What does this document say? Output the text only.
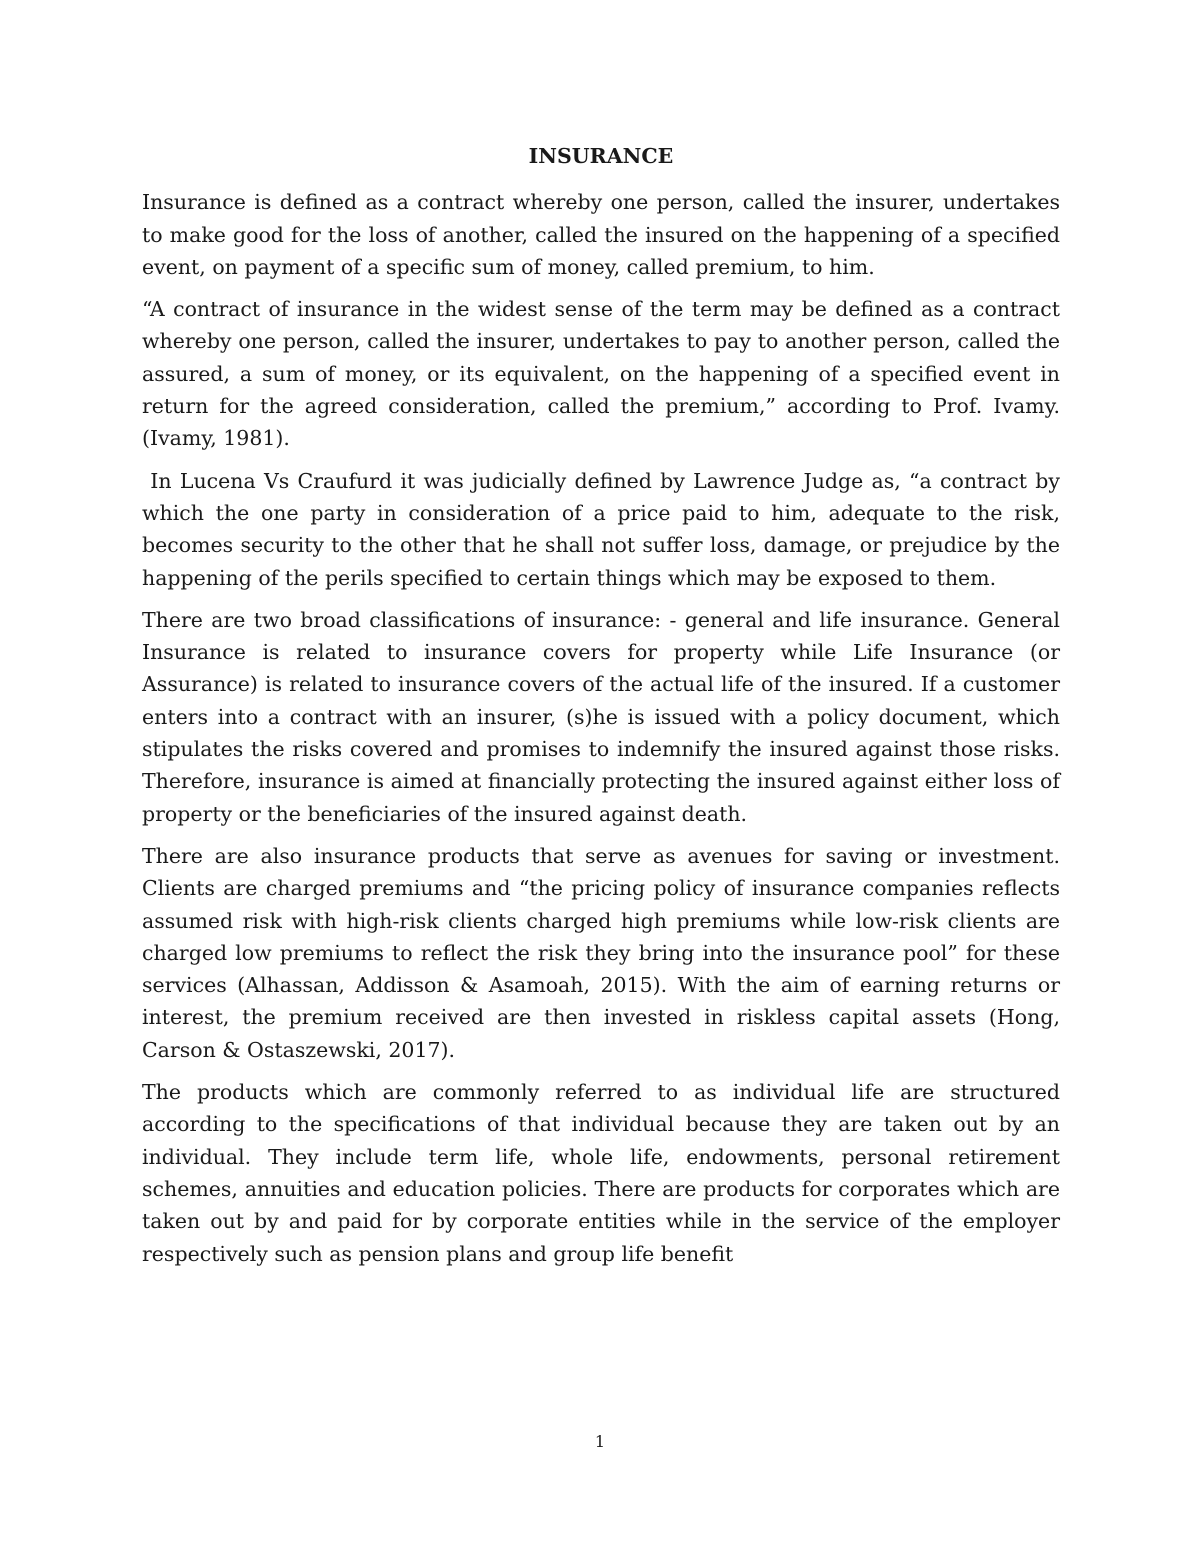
INSURANCE

Insurance is defined as a contract whereby one person, called the insurer, undertakes to make good for the loss of another, called the insured on the happening of a specified event, on payment of a specific sum of money, called premium, to him.

“A contract of insurance in the widest sense of the term may be defined as a contract whereby one person, called the insurer, undertakes to pay to another person, called the assured, a sum of money, or its equivalent, on the happening of a specified event in return for the agreed consideration, called the premium,” according to Prof. Ivamy. (Ivamy, 1981).

In Lucena Vs Craufurd it was judicially defined by Lawrence Judge as, “a contract by which the one party in consideration of a price paid to him, adequate to the risk, becomes security to the other that he shall not suffer loss, damage, or prejudice by the happening of the perils specified to certain things which may be exposed to them.

There are two broad classifications of insurance: - general and life insurance. General Insurance is related to insurance covers for property while Life Insurance (or Assurance) is related to insurance covers of the actual life of the insured. If a customer enters into a contract with an insurer, (s)he is issued with a policy document, which stipulates the risks covered and promises to indemnify the insured against those risks. Therefore, insurance is aimed at financially protecting the insured against either loss of property or the beneficiaries of the insured against death.

There are also insurance products that serve as avenues for saving or investment. Clients are charged premiums and “the pricing policy of insurance companies reflects assumed risk with high-risk clients charged high premiums while low-risk clients are charged low premiums to reflect the risk they bring into the insurance pool” for these services (Alhassan, Addisson & Asamoah, 2015). With the aim of earning returns or interest, the premium received are then invested in riskless capital assets (Hong, Carson & Ostaszewski, 2017).

The products which are commonly referred to as individual life are structured according to the specifications of that individual because they are taken out by an individual. They include term life, whole life, endowments, personal retirement schemes, annuities and education policies. There are products for corporates which are taken out by and paid for by corporate entities while in the service of the employer respectively such as pension plans and group life benefit

1
